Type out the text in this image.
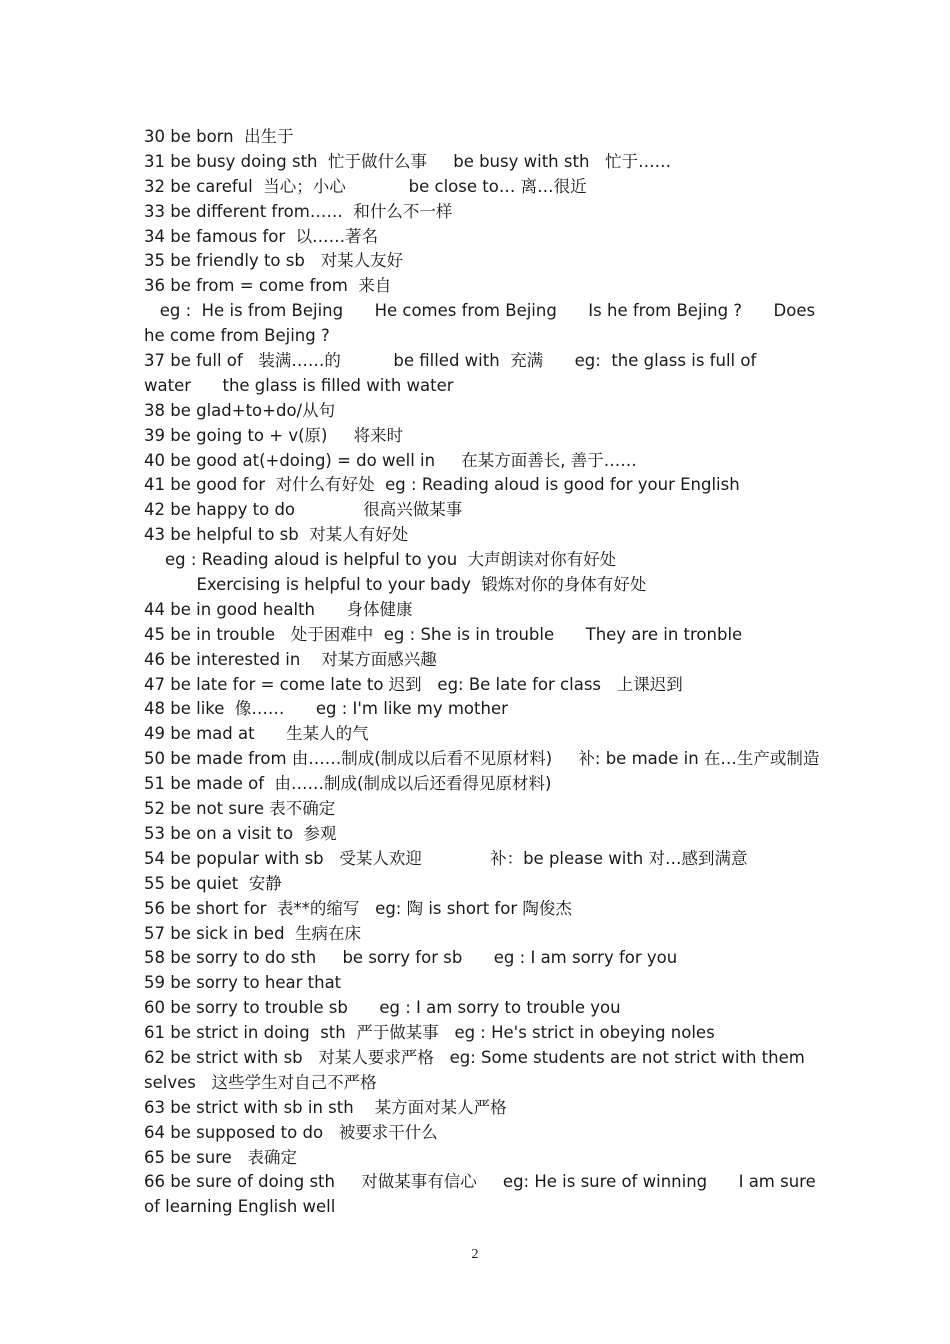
30 be born  出生于
31 be busy doing sth  忙于做什么事     be busy with sth   忙于……
32 be careful  当心；小心            be close to… 离…很近
33 be different from……  和什么不一样
34 be famous for  以……著名
35 be friendly to sb   对某人友好
36 be from = come from  来自
eg :  He is from Bejing      He comes from Bejing      Is he from Bejing ?      Does
he come from Bejing ?
37 be full of   装满……的          be filled with  充满      eg:  the glass is full of
water      the glass is filled with water
38 be glad+to+do/从句
39 be going to + v(原)     将来时
40 be good at(+doing) = do well in     在某方面善长, 善于……
41 be good for  对什么有好处  eg : Reading aloud is good for your English
42 be happy to do             很高兴做某事
43 be helpful to sb  对某人有好处
eg : Reading aloud is helpful to you  大声朗读对你有好处
Exercising is helpful to your bady  锻炼对你的身体有好处
44 be in good health      身体健康
45 be in trouble   处于困难中  eg : She is in trouble      They are in tronble
46 be interested in    对某方面感兴趣
47 be late for = come late to 迟到   eg: Be late for class   上课迟到
48 be like  像……      eg : I'm like my mother
49 be mad at      生某人的气
50 be made from 由……制成(制成以后看不见原材料)     补: be made in 在…生产或制造
51 be made of  由……制成(制成以后还看得见原材料)
52 be not sure 表不确定
53 be on a visit to  参观
54 be popular with sb   受某人欢迎             补：be please with 对…感到满意
55 be quiet  安静
56 be short for  表**的缩写   eg: 陶 is short for 陶俊杰
57 be sick in bed  生病在床
58 be sorry to do sth     be sorry for sb      eg : I am sorry for you
59 be sorry to hear that
60 be sorry to trouble sb      eg : I am sorry to trouble you
61 be strict in doing  sth  严于做某事   eg : He's strict in obeying noles
62 be strict with sb   对某人要求严格   eg: Some students are not strict with them
selves   这些学生对自己不严格
63 be strict with sb in sth    某方面对某人严格
64 be supposed to do   被要求干什么
65 be sure   表确定
66 be sure of doing sth     对做某事有信心     eg: He is sure of winning      I am sure
of learning English well
2
